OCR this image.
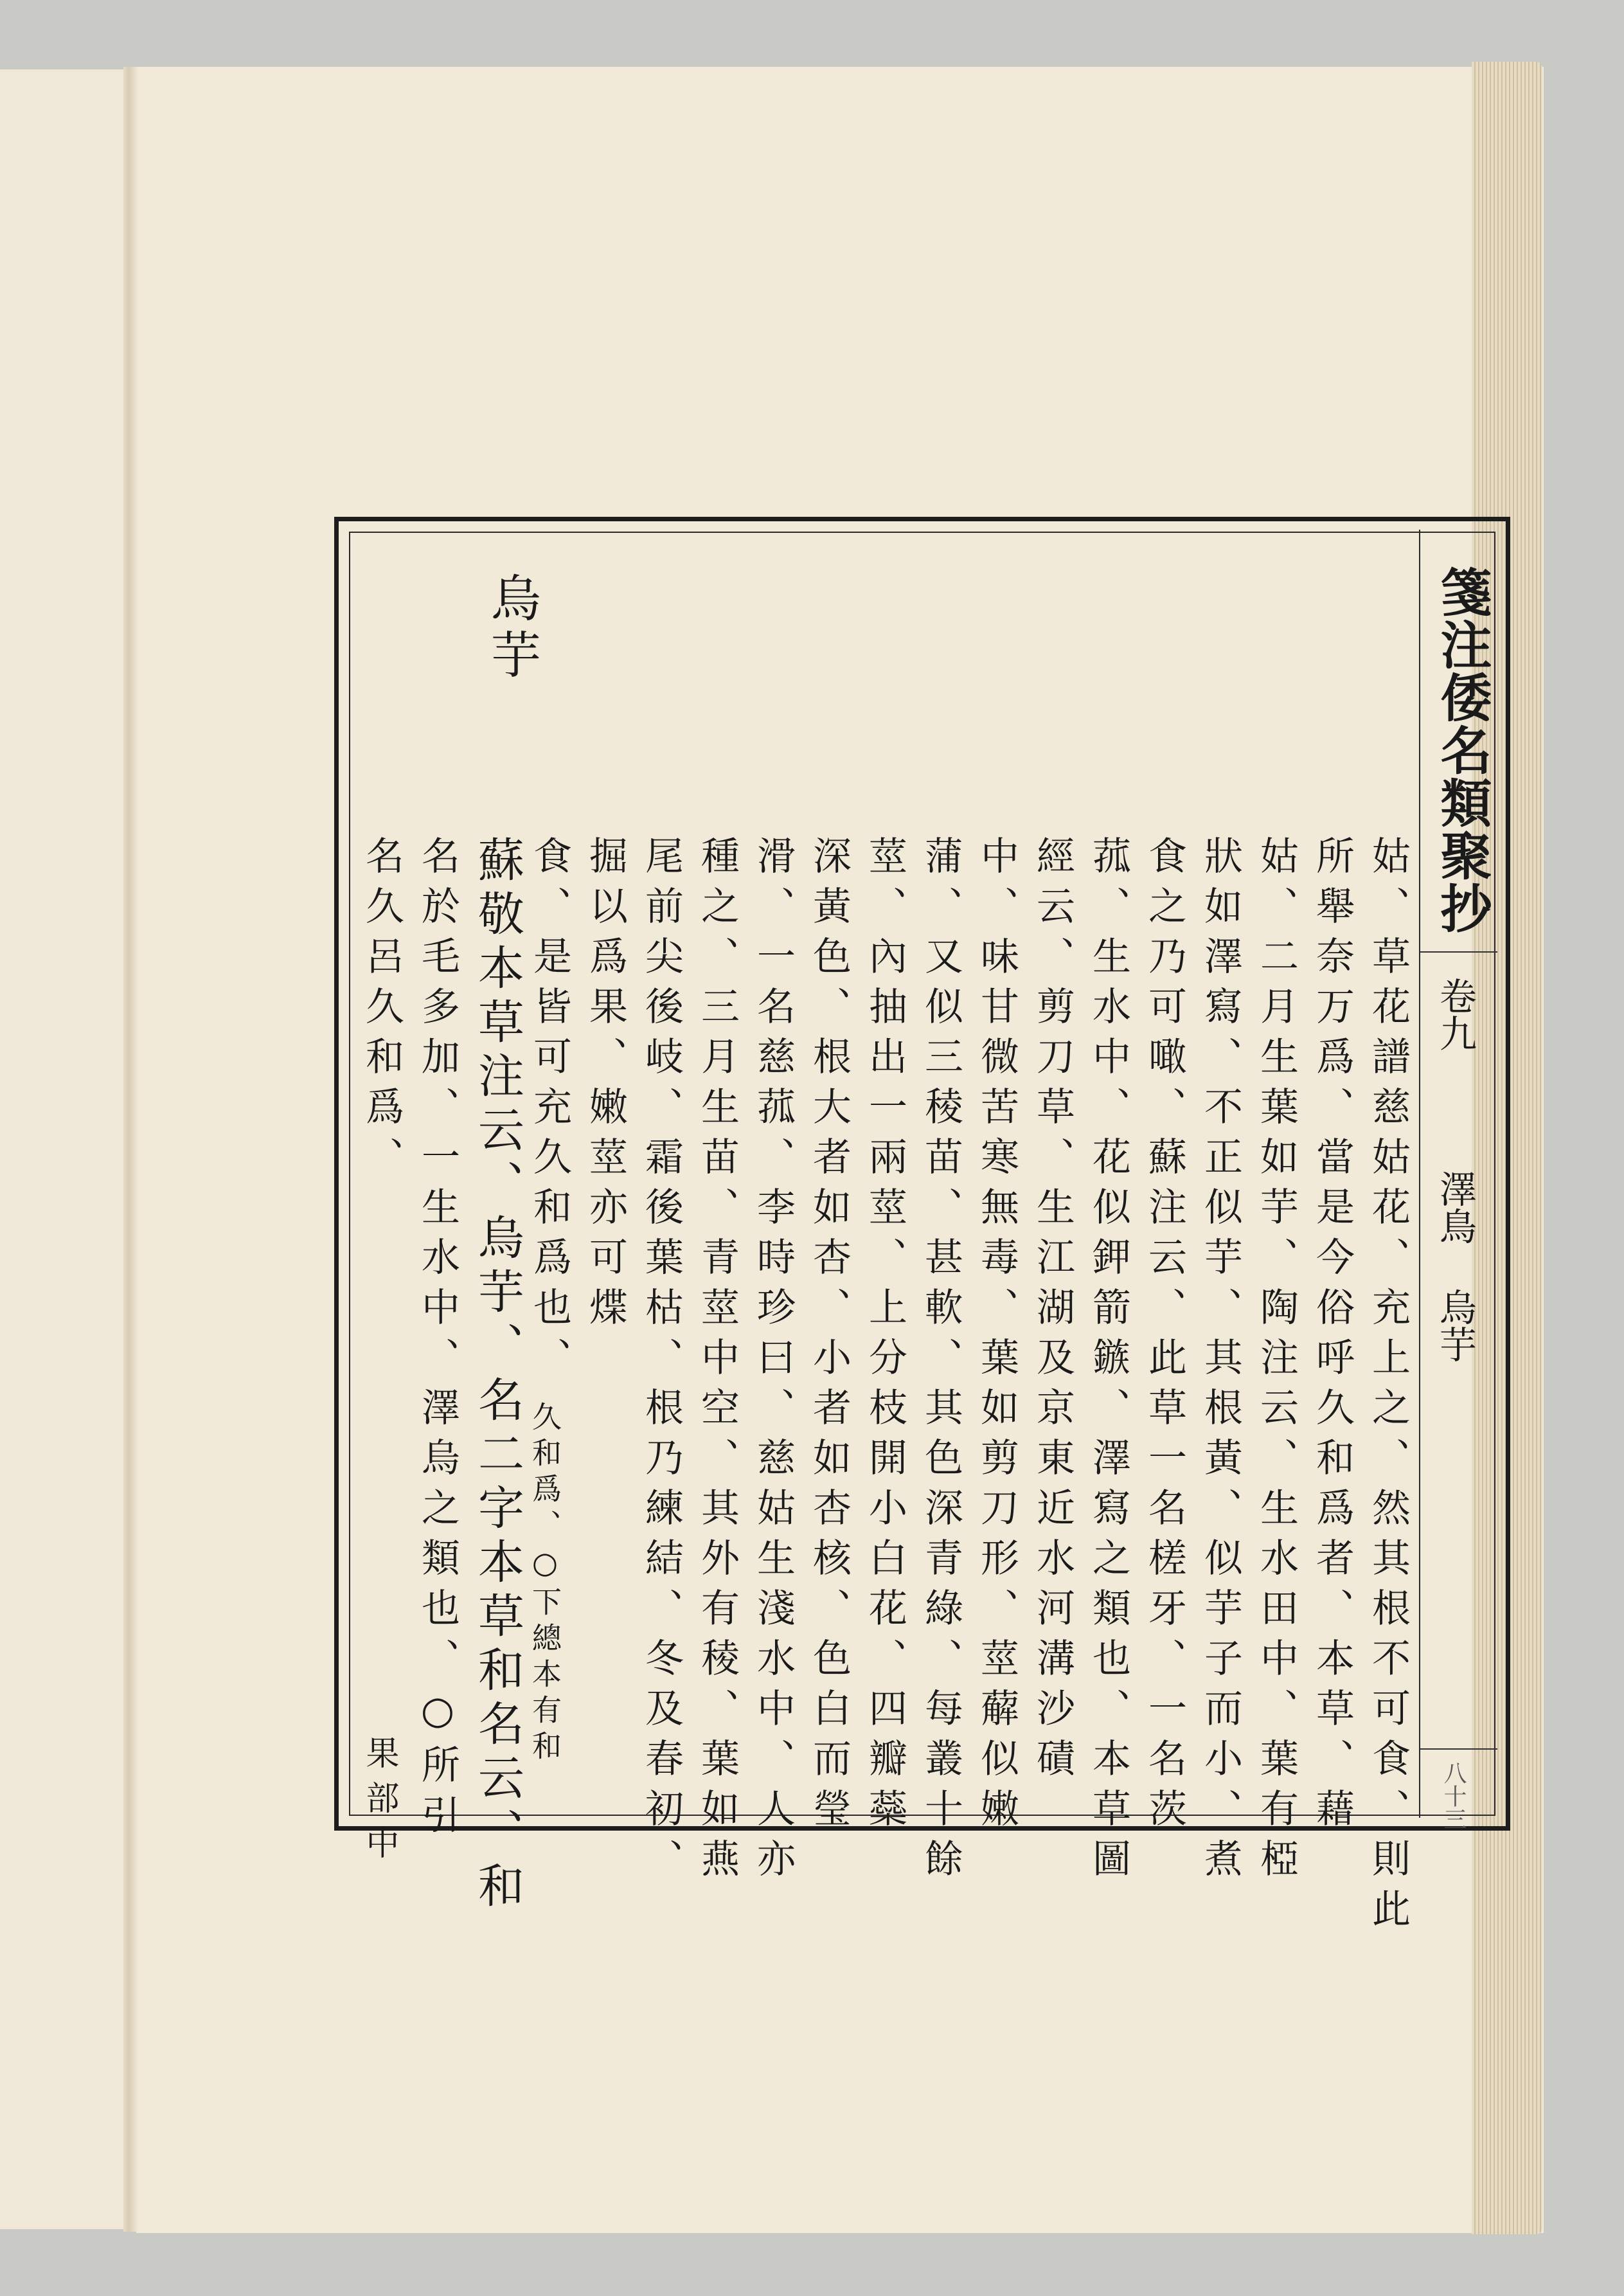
箋注倭名類聚抄
卷九
澤鳥 烏芋
八十三
烏芋
姑、草花譜慈姑花、充上之、然其根不可食、則此
所舉奈万爲、當是今俗呼久和爲者、本草、藉
姑、二月生葉如芋、陶注云、生水田中、葉有椏
狀如澤寫、不正似芋、其根黃、似芋子而小、煮
食之乃可噉、蘇注云、此草一名槎牙、一名茨
菰、生水中、花似鉀箭鏃、澤寫之類也、本草圖
經云、剪刀草、生江湖及京東近水河溝沙磧
中、味甘微苦寒無毒、葉如剪刀形、莖薢似嫩
蒲、又似三稜苗、甚軟、其色深青綠、每叢十餘
莖、內抽出一兩莖、上分枝開小白花、四瓣蘂
深黃色、根大者如杏、小者如杏核、色白而瑩
滑、一名慈菰、李時珍曰、慈姑生淺水中、人亦
種之、三月生苗、青莖中空、其外有稜、葉如燕
尾前尖後岐、霜後葉枯、根乃練結、冬及春初、
掘以爲果、嫩莖亦可煠
食、是皆可充久和爲也、
蘇敬本草注云、烏芋、名二字本草和名云、和
名於毛多加、一生水中、澤烏之類也、○所引
名久呂久和爲、
久和爲、○下總本有和
果部中
